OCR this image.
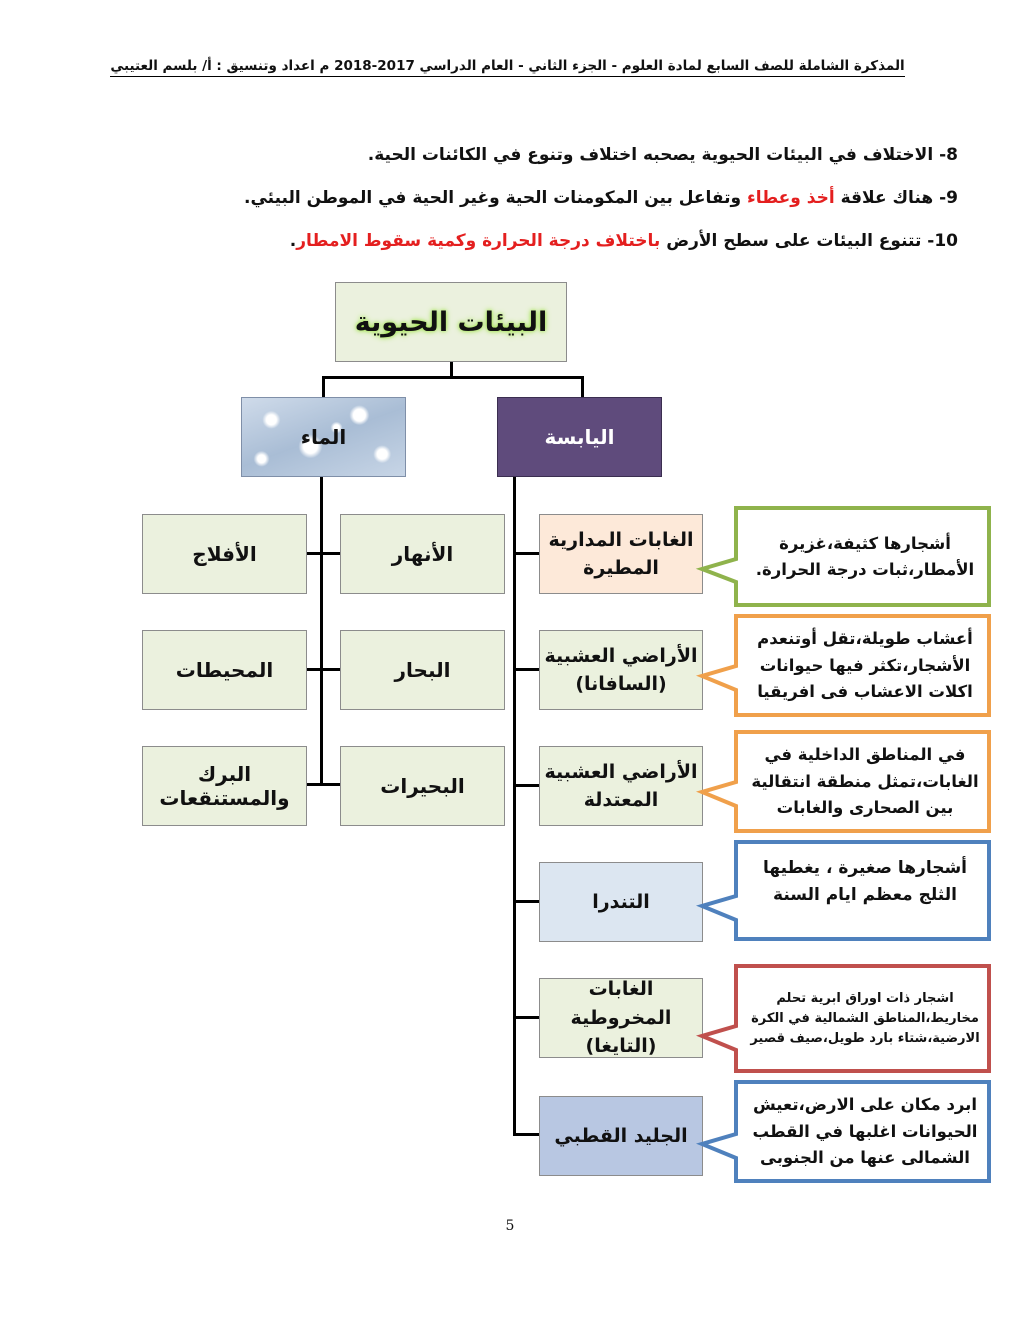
المذكرة الشاملة للصف السابع لمادة العلوم - الجزء الثاني - العام الدراسي 2017-2018 م اعداد وتنسيق : أ/ بلسم العتيبي
8- الاختلاف في البيئات الحيوية يصحبه اختلاف وتنوع في الكائنات الحية.
9- هناك علاقة أخذ وعطاء وتفاعل بين المكومنات الحية وغير الحية في الموطن البيئي.
10- تتنوع البيئات على سطح الأرض باختلاف درجة الحرارة وكمية سقوط الامطار.
البيئات الحيوية
الماء	اليابسة
الأنهار
الأفلاج
البحار
المحيطات
البحيرات
البرك والمستنقعات
الغابات المدارية المطيرة
الأراضي العشبية (السافانا)
الأراضي العشبية المعتدلة
التندرا
الغابات المخروطية (التايغا)
الجليد القطبي
أشجارها كثيفة،غزيرة الأمطار،ثبات درجة الحرارة.
أعشاب طويلة،تقل أوتنعدم الأشجار،تكثر فيها حيوانات اكلات الاعشاب فى افريقيا
في المناطق الداخلية في الغابات،تمثل منطقة انتقالية بين الصحارى والغابات
أشجارها صغيرة ، يغطيها الثلج معظم ايام السنة
اشجار ذات اوراق ابرية تحلم مخاريط،المناطق الشمالية في الكرة الارضية،شتاء بارد طويل،صيف قصير
ابرد مكان على الارض،تعيش الحيوانات اغلبها في القطب الشمالى عنها من الجنوبى
5
